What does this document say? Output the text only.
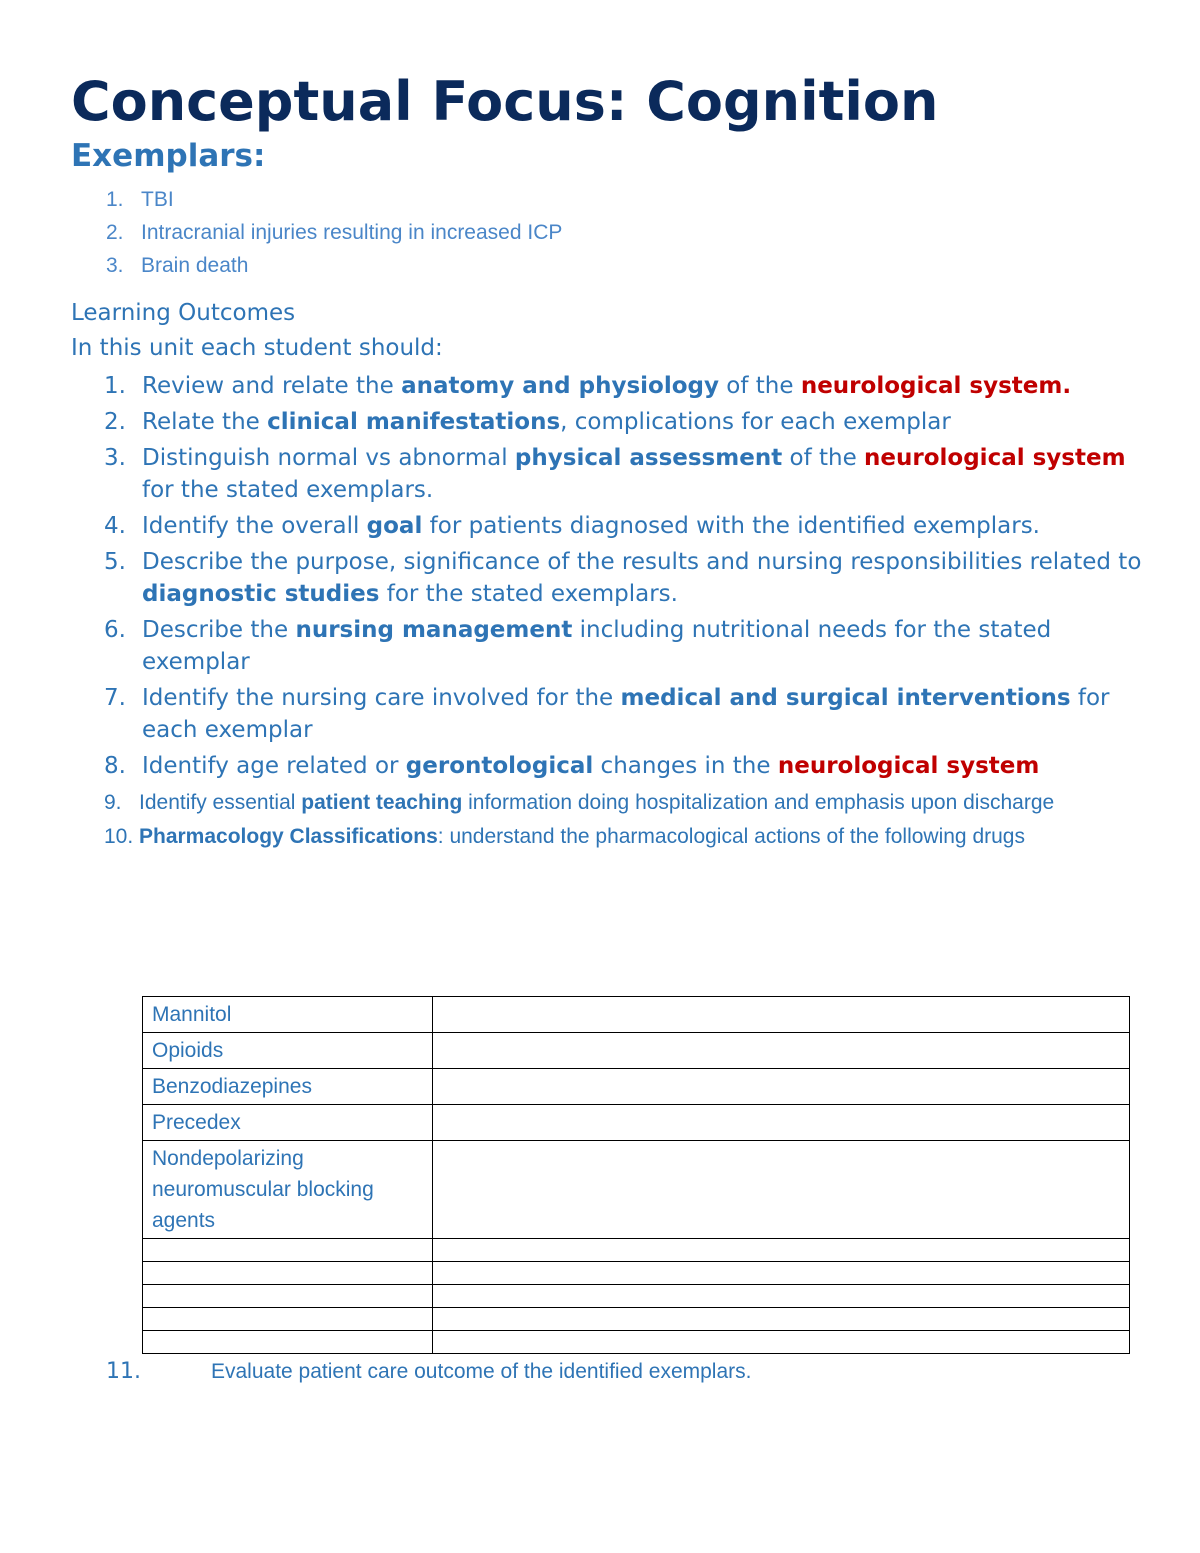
Conceptual Focus: Cognition
Exemplars:
1. TBI
2. Intracranial injuries resulting in increased ICP
3. Brain death
Learning Outcomes
In this unit each student should:
1. Review and relate the anatomy and physiology of the neurological system.
2. Relate the clinical manifestations, complications for each exemplar
3. Distinguish normal vs abnormal physical assessment of the neurological system for the stated exemplars.
4. Identify the overall goal for patients diagnosed with the identified exemplars.
5. Describe the purpose, significance of the results and nursing responsibilities related to diagnostic studies for the stated exemplars.
6. Describe the nursing management including nutritional needs for the stated exemplar
7. Identify the nursing care involved for the medical and surgical interventions for each exemplar
8. Identify age related or gerontological changes in the neurological system
9. Identify essential patient teaching information doing hospitalization and emphasis upon discharge
10. Pharmacology Classifications: understand the pharmacological actions of the following drugs
Mannitol	
Opioids	
Benzodiazepines	
Precedex	
Nondepolarizing neuromuscular blocking agents	

11.	Evaluate patient care outcome of the identified exemplars.
